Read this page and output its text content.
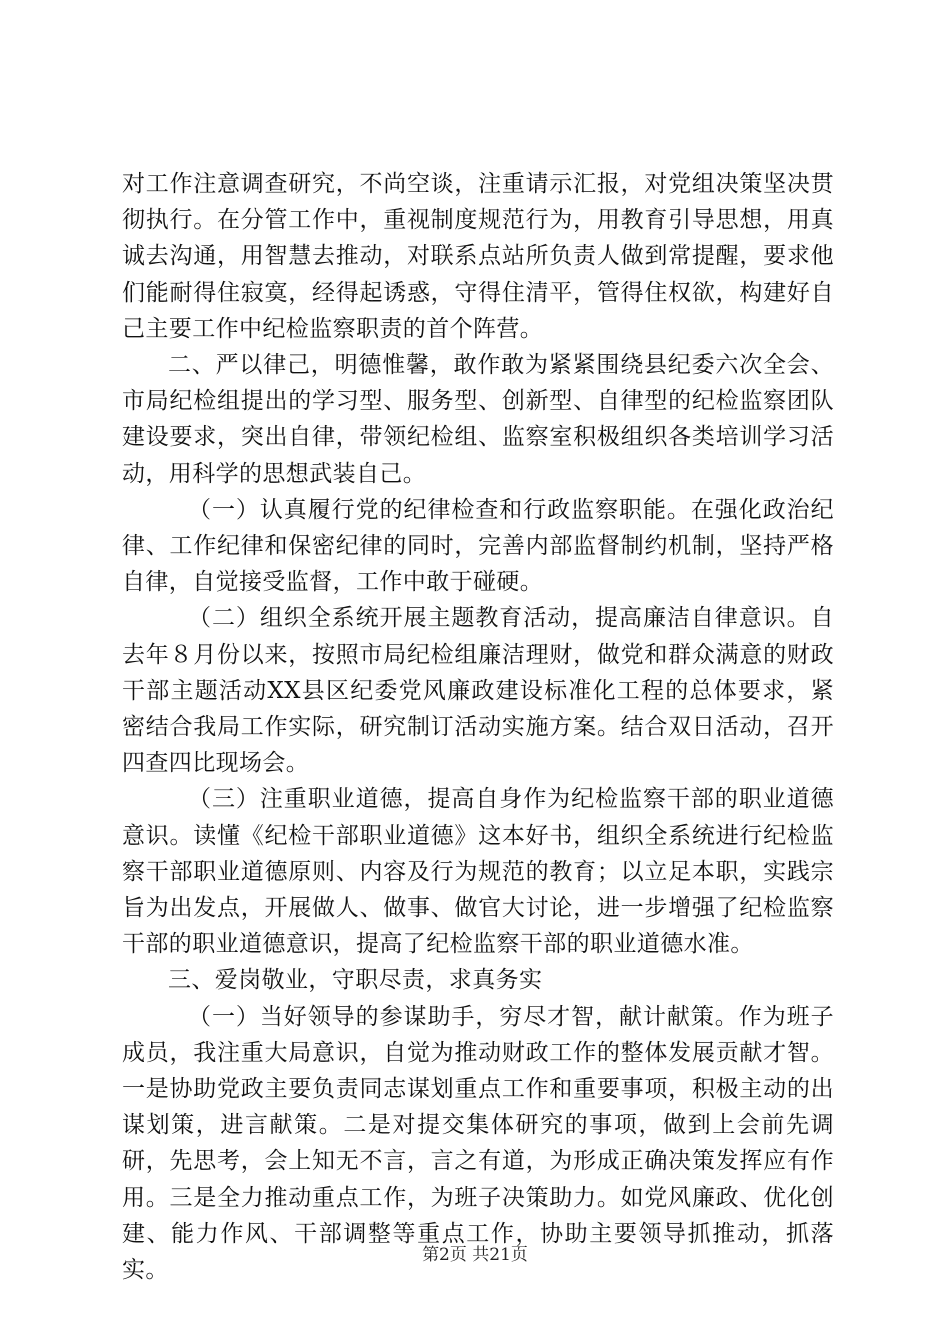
对工作注意调查研究，不尚空谈，注重请示汇报，对党组决策坚决贯彻执行。在分管工作中，重视制度规范行为，用教育引导思想，用真诚去沟通，用智慧去推动，对联系点站所负责人做到常提醒，要求他们能耐得住寂寞，经得起诱惑，守得住清平，管得住权欲，构建好自己主要工作中纪检监察职责的首个阵营。

二、严以律己，明德惟馨，敢作敢为紧紧围绕县纪委六次全会、市局纪检组提出的学习型、服务型、创新型、自律型的纪检监察团队建设要求，突出自律，带领纪检组、监察室积极组织各类培训学习活动，用科学的思想武装自己。

（一）认真履行党的纪律检查和行政监察职能。在强化政治纪律、工作纪律和保密纪律的同时，完善内部监督制约机制，坚持严格自律，自觉接受监督，工作中敢于碰硬。

（二）组织全系统开展主题教育活动，提高廉洁自律意识。自去年８月份以来，按照市局纪检组廉洁理财，做党和群众满意的财政干部主题活动XX县区纪委党风廉政建设标准化工程的总体要求，紧密结合我局工作实际，研究制订活动实施方案。结合双日活动，召开四查四比现场会。

（三）注重职业道德，提高自身作为纪检监察干部的职业道德意识。读懂《纪检干部职业道德》这本好书，组织全系统进行纪检监察干部职业道德原则、内容及行为规范的教育；以立足本职，实践宗旨为出发点，开展做人、做事、做官大讨论，进一步增强了纪检监察干部的职业道德意识，提高了纪检监察干部的职业道德水准。

三、爱岗敬业，守职尽责，求真务实

（一）当好领导的参谋助手，穷尽才智，献计献策。作为班子成员，我注重大局意识，自觉为推动财政工作的整体发展贡献才智。一是协助党政主要负责同志谋划重点工作和重要事项，积极主动的出谋划策，进言献策。二是对提交集体研究的事项，做到上会前先调研，先思考，会上知无不言，言之有道，为形成正确决策发挥应有作用。三是全力推动重点工作，为班子决策助力。如党风廉政、优化创建、能力作风、干部调整等重点工作，协助主要领导抓推动，抓落实。

第2页 共21页
